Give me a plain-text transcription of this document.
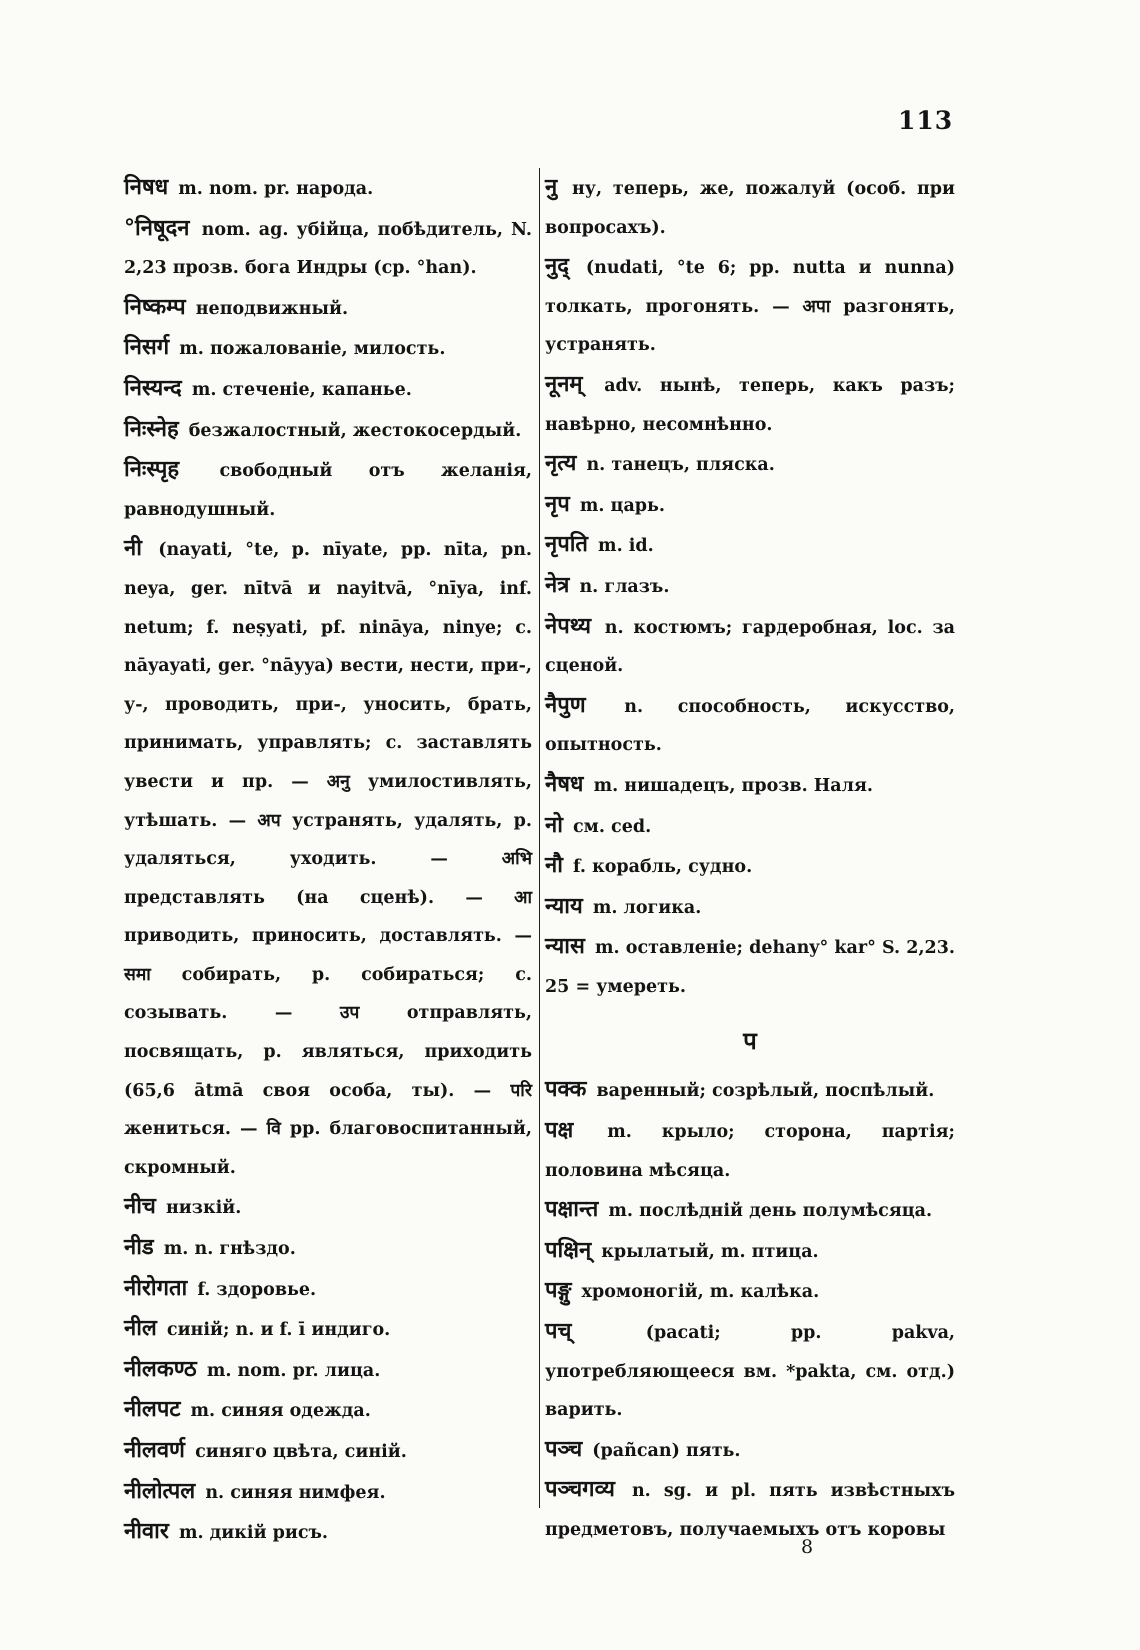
113
निषध m. nom. pr. народа.
°निषूदन nom. ag. убійца, побѣдитель, N. 2,23 прозв. бога Индры (ср. °han).
निष्कम्प неподвижный.
निसर्ग m. пожалованіе, милость.
निस्यन्द m. стеченіе, капанье.
निःस्नेह безжалостный, жестокосердый.
निःस्पृह свободный отъ желанія, равнодушный.
नी (nayati, °te, p. nīyate, pp. nīta, pn. neya, ger. nītvā и nayitvā, °nīya, inf. netum; f. neṣyati, pf. nināya, ninye; c. nāyayati, ger. °nāyya) вести, нести, при-, у-, проводить, при-, уносить, брать, принимать, управлять; c. заставлять увести и пр. — अनु умилостивлять, утѣшать. — अप устранять, удалять, p. удаляться, уходить. — अभि представлять (на сценѣ). — आ приводить, приносить, доставлять. — समा собирать, p. собираться; c. созывать. — उप отправлять, посвящать, p. являться, приходить (65,6 ātmā своя особа, ты). — परि жениться. — वि pp. благовоспитанный, скромный.
नीच низкій.
नीड m. n. гнѣздо.
नीरोगता f. здоровье.
नील синій; n. и f. ī индиго.
नीलकण्ठ m. nom. pr. лица.
नीलपट m. синяя одежда.
नीलवर्ण синяго цвѣта, синій.
नीलोत्पल n. синяя нимфея.
नीवार m. дикій рисъ.
नु ну, теперь, же, пожалуй (особ. при вопросахъ).
नुद् (nudati, °te 6; pp. nutta и nunna) толкать, прогонять. — अपा разгонять, устранять.
नूनम् adv. нынѣ, теперь, какъ разъ; навѣрно, несомнѣнно.
नृत्य n. танецъ, пляска.
नृप m. царь.
नृपति m. id.
नेत्र n. глазъ.
नेपथ्य n. костюмъ; гардеробная, loc. за сценой.
नैपुण n. способность, искусство, опытность.
नैषध m. нишадецъ, прозв. Наля.
नो см. ced.
नौ f. корабль, судно.
न्याय m. логика.
न्यास m. оставленіе; dehany° kar° S. 2,23. 25 = умереть.
प
पक्क варенный; созрѣлый, поспѣлый.
पक्ष m. крыло; сторона, партія; половина мѣсяца.
पक्षान्त m. послѣдній день полумѣсяца.
पक्षिन् крылатый, m. птица.
पङ्गु хромоногій, m. калѣка.
पच्	(pacati; pp. pakva, употребляющееся вм. *pakta, см. отд.) варить.
पञ्च (pañcan) пять.
पञ्चगव्य n. sg. и pl. пять извѣстныхъ предметовъ, получаемыхъ отъ коровы
8
